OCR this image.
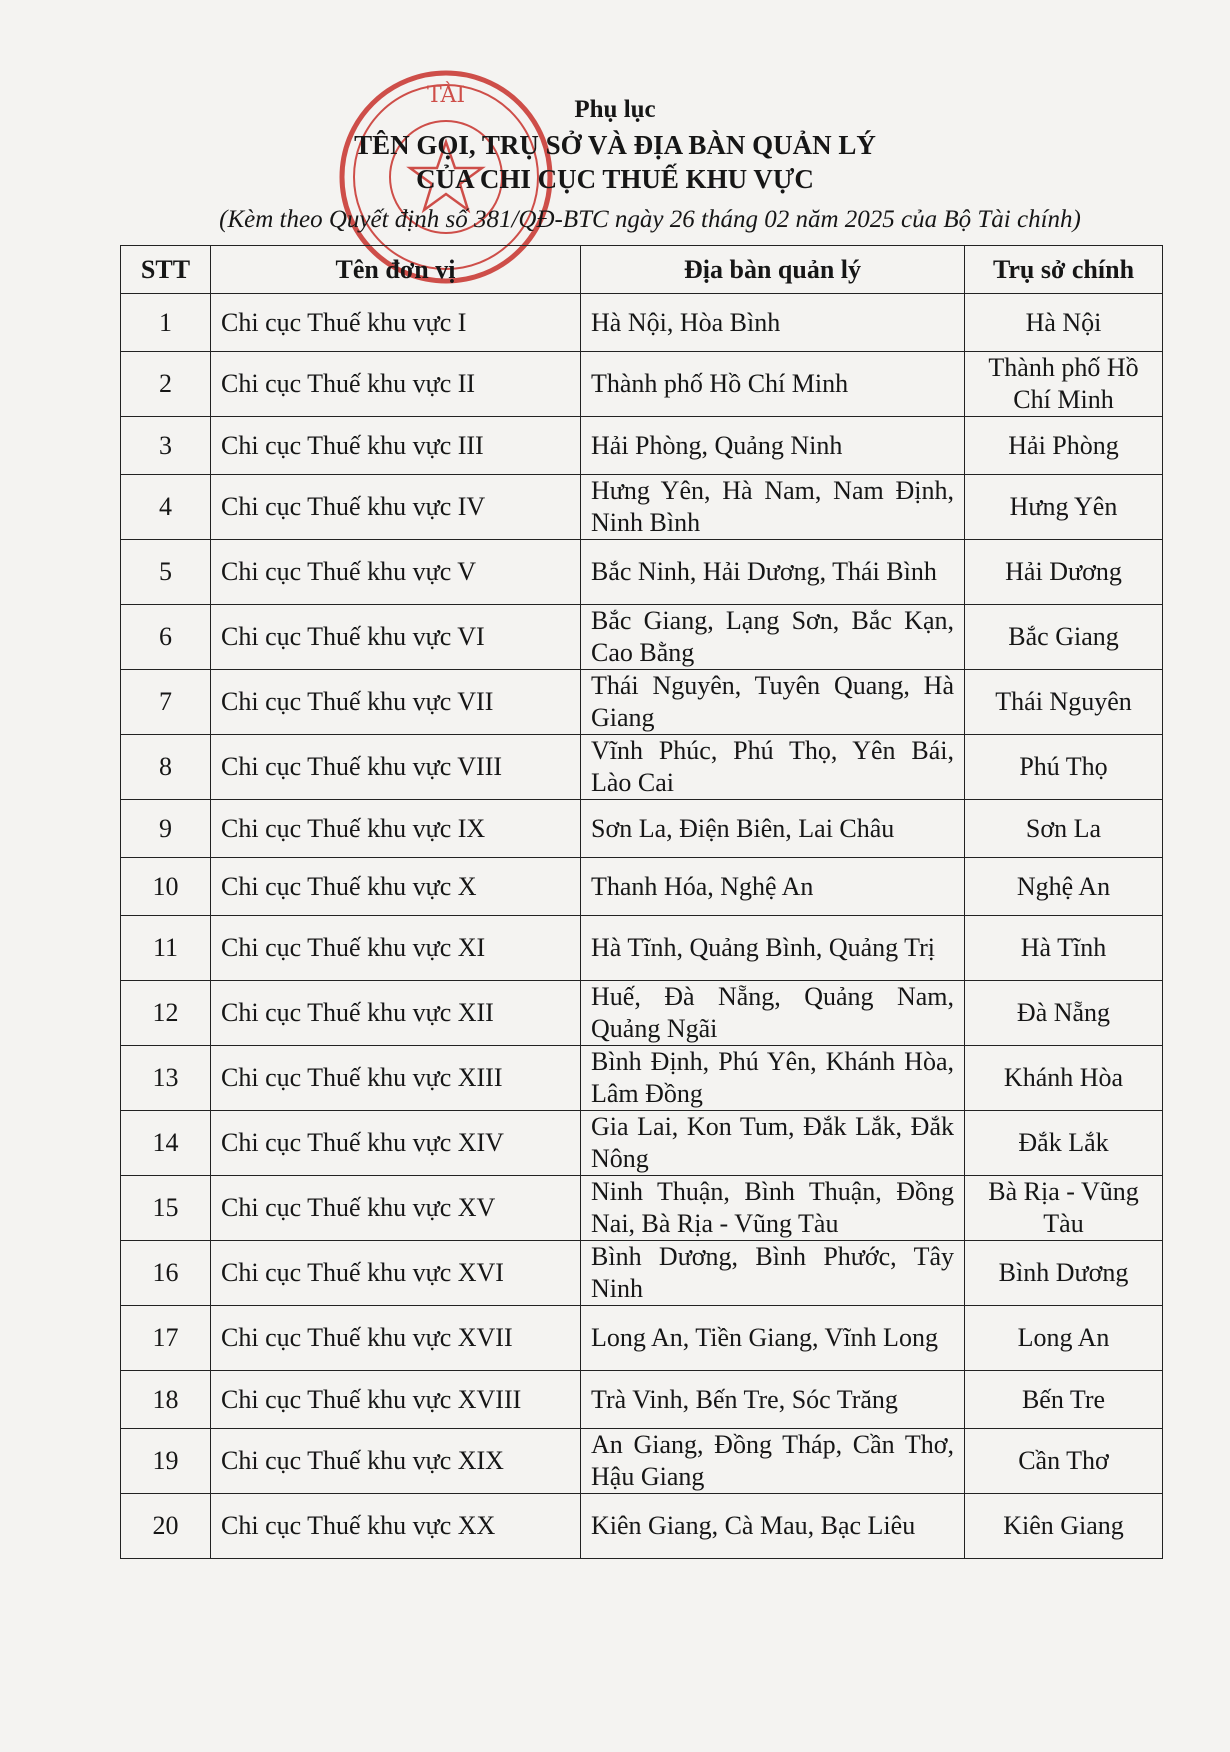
TÀI
Phụ lục
TÊN GỌI, TRỤ SỞ VÀ ĐỊA BÀN QUẢN LÝ
CỦA CHI CỤC THUẾ KHU VỰC
(Kèm theo Quyết định số 381/QĐ-BTC ngày 26 tháng 02 năm 2025 của Bộ Tài chính)
STT	Tên đơn vị	Địa bàn quản lý	Trụ sở chính
1	Chi cục Thuế khu vực I	Hà Nội, Hòa Bình	Hà Nội
2	Chi cục Thuế khu vực II	Thành phố Hồ Chí Minh	Thành phố Hồ Chí Minh
3	Chi cục Thuế khu vực III	Hải Phòng, Quảng Ninh	Hải Phòng
4	Chi cục Thuế khu vực IV	Hưng Yên, Hà Nam, Nam Định, Ninh Bình	Hưng Yên
5	Chi cục Thuế khu vực V	Bắc Ninh, Hải Dương, Thái Bình	Hải Dương
6	Chi cục Thuế khu vực VI	Bắc Giang, Lạng Sơn, Bắc Kạn, Cao Bằng	Bắc Giang
7	Chi cục Thuế khu vực VII	Thái Nguyên, Tuyên Quang, Hà Giang	Thái Nguyên
8	Chi cục Thuế khu vực VIII	Vĩnh Phúc, Phú Thọ, Yên Bái, Lào Cai	Phú Thọ
9	Chi cục Thuế khu vực IX	Sơn La, Điện Biên, Lai Châu	Sơn La
10	Chi cục Thuế khu vực X	Thanh Hóa, Nghệ An	Nghệ An
11	Chi cục Thuế khu vực XI	Hà Tĩnh, Quảng Bình, Quảng Trị	Hà Tĩnh
12	Chi cục Thuế khu vực XII	Huế, Đà Nẵng, Quảng Nam, Quảng Ngãi	Đà Nẵng
13	Chi cục Thuế khu vực XIII	Bình Định, Phú Yên, Khánh Hòa, Lâm Đồng	Khánh Hòa
14	Chi cục Thuế khu vực XIV	Gia Lai, Kon Tum, Đắk Lắk, Đắk Nông	Đắk Lắk
15	Chi cục Thuế khu vực XV	Ninh Thuận, Bình Thuận, Đồng Nai, Bà Rịa - Vũng Tàu	Bà Rịa - Vũng Tàu
16	Chi cục Thuế khu vực XVI	Bình Dương, Bình Phước, Tây Ninh	Bình Dương
17	Chi cục Thuế khu vực XVII	Long An, Tiền Giang, Vĩnh Long	Long An
18	Chi cục Thuế khu vực XVIII	Trà Vinh, Bến Tre, Sóc Trăng	Bến Tre
19	Chi cục Thuế khu vực XIX	An Giang, Đồng Tháp, Cần Thơ, Hậu Giang	Cần Thơ
20	Chi cục Thuế khu vực XX	Kiên Giang, Cà Mau, Bạc Liêu	Kiên Giang
